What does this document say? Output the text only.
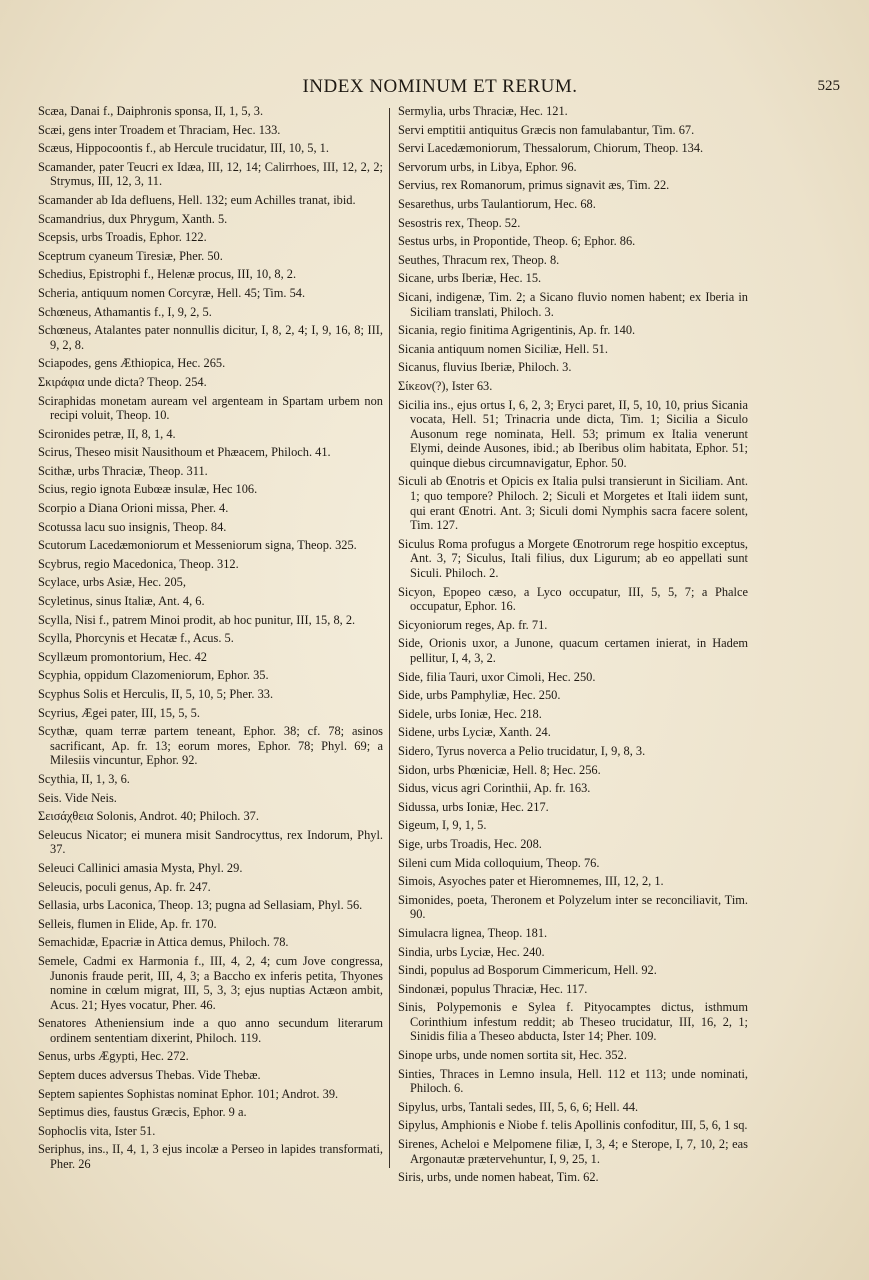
INDEX NOMINUM ET RERUM.	525

Scæa, Danai f., Daiphronis sponsa, II, 1, 5, 3.

Scæi, gens inter Troadem et Thraciam, Hec. 133.

Scæus, Hippocoontis f., ab Hercule trucidatur, III, 10, 5, 1.

Scamander, pater Teucri ex Idæa, III, 12, 14; Calirrhoes, III, 12, 2, 2; Strymus, III, 12, 3, 11.

Scamander ab Ida defluens, Hell. 132; eum Achilles tranat, ibid.

Scamandrius, dux Phrygum, Xanth. 5.

Scepsis, urbs Troadis, Ephor. 122.

Sceptrum cyaneum Tiresiæ, Pher. 50.

Schedius, Epistrophi f., Helenæ procus, III, 10, 8, 2.

Scheria, antiquum nomen Corcyræ, Hell. 45; Tim. 54.

Schœneus, Athamantis f., I, 9, 2, 5.

Schœneus, Atalantes pater nonnullis dicitur, I, 8, 2, 4; I, 9, 16, 8; III, 9, 2, 8.

Sciapodes, gens Æthiopica, Hec. 265.

Σκιράφια unde dicta? Theop. 254.

Sciraphidas monetam auream vel argenteam in Spartam urbem non recipi voluit, Theop. 10.

Scironides petræ, II, 8, 1, 4.

Scirus, Theseo misit Nausithoum et Phæacem, Philoch. 41.

Scithæ, urbs Thraciæ, Theop. 311.

Scius, regio ignota Eubœæ insulæ, Hec 106.

Scorpio a Diana Orioni missa, Pher. 4.

Scotussa lacu suo insignis, Theop. 84.

Scutorum Lacedæmoniorum et Messeniorum signa, Theop. 325.

Scybrus, regio Macedonica, Theop. 312.

Scylace, urbs Asiæ, Hec. 205,

Scyletinus, sinus Italiæ, Ant. 4, 6.

Scylla, Nisi f., patrem Minoi prodit, ab hoc punitur, III, 15, 8, 2.

Scylla, Phorcynis et Hecatæ f., Acus. 5.

Scyllæum promontorium, Hec. 42

Scyphia, oppidum Clazomeniorum, Ephor. 35.

Scyphus Solis et Herculis, II, 5, 10, 5; Pher. 33.

Scyrius, Ægei pater, III, 15, 5, 5.

Scythæ, quam terræ partem teneant, Ephor. 38; cf. 78; asinos sacrificant, Ap. fr. 13; eorum mores, Ephor. 78; Phyl. 69; a Milesiis vincuntur, Ephor. 92.

Scythia, II, 1, 3, 6.

Seis. Vide Neis.

Σεισάχθεια Solonis, Androt. 40; Philoch. 37.

Seleucus Nicator; ei munera misit Sandrocyttus, rex Indorum, Phyl. 37.

Seleuci Callinici amasia Mysta, Phyl. 29.

Seleucis, poculi genus, Ap. fr. 247.

Sellasia, urbs Laconica, Theop. 13; pugna ad Sellasiam, Phyl. 56.

Selleis, flumen in Elide, Ap. fr. 170.

Semachidæ, Epacriæ in Attica demus, Philoch. 78.

Semele, Cadmi ex Harmonia f., III, 4, 2, 4; cum Jove congressa, Junonis fraude perit, III, 4, 3; a Baccho ex inferis petita, Thyones nomine in cœlum migrat, III, 5, 3, 3; ejus nuptias Actæon ambit, Acus. 21; Hyes vocatur, Pher. 46.

Senatores Atheniensium inde a quo anno secundum literarum ordinem sententiam dixerint, Philoch. 119.

Senus, urbs Ægypti, Hec. 272.

Septem duces adversus Thebas. Vide Thebæ.

Septem sapientes Sophistas nominat Ephor. 101; Androt. 39.

Septimus dies, faustus Græcis, Ephor. 9 a.

Sophoclis vita, Ister 51.

Seriphus, ins., II, 4, 1, 3 ejus incolæ a Perseo in lapides transformati, Pher. 26

Sermylia, urbs Thraciæ, Hec. 121.

Servi emptitii antiquitus Græcis non famulabantur, Tim. 67.

Servi Lacedæmoniorum, Thessalorum, Chiorum, Theop. 134.

Servorum urbs, in Libya, Ephor. 96.

Servius, rex Romanorum, primus signavit æs, Tim. 22.

Sesarethus, urbs Taulantiorum, Hec. 68.

Sesostris rex, Theop. 52.

Sestus urbs, in Propontide, Theop. 6; Ephor. 86.

Seuthes, Thracum rex, Theop. 8.

Sicane, urbs Iberiæ, Hec. 15.

Sicani, indigenæ, Tim. 2; a Sicano fluvio nomen habent; ex Iberia in Siciliam translati, Philoch. 3.

Sicania, regio finitima Agrigentinis, Ap. fr. 140.

Sicania antiquum nomen Siciliæ, Hell. 51.

Sicanus, fluvius Iberiæ, Philoch. 3.

Σίκεον(?), Ister 63.

Sicilia ins., ejus ortus I, 6, 2, 3; Eryci paret, II, 5, 10, 10, prius Sicania vocata, Hell. 51; Trinacria unde dicta, Tim. 1; Sicilia a Siculo Ausonum rege nominata, Hell. 53; primum ex Italia venerunt Elymi, deinde Ausones, ibid.; ab Iberibus olim habitata, Ephor. 51; quinque diebus circumnavigatur, Ephor. 50.

Siculi ab Œnotris et Opicis ex Italia pulsi transierunt in Siciliam. Ant. 1; quo tempore? Philoch. 2; Siculi et Morgetes et Itali iidem sunt, qui erant Œnotri. Ant. 3; Siculi domi Nymphis sacra facere solent, Tim. 127.

Siculus Roma profugus a Morgete Œnotrorum rege hospitio exceptus, Ant. 3, 7; Siculus, Itali filius, dux Ligurum; ab eo appellati sunt Siculi. Philoch. 2.

Sicyon, Epopeo cæso, a Lyco occupatur, III, 5, 5, 7; a Phalce occupatur, Ephor. 16.

Sicyoniorum reges, Ap. fr. 71.

Side, Orionis uxor, a Junone, quacum certamen inierat, in Hadem pellitur, I, 4, 3, 2.

Side, filia Tauri, uxor Cimoli, Hec. 250.

Side, urbs Pamphyliæ, Hec. 250.

Sidele, urbs Ioniæ, Hec. 218.

Sidene, urbs Lyciæ, Xanth. 24.

Sidero, Tyrus noverca a Pelio trucidatur, I, 9, 8, 3.

Sidon, urbs Phœniciæ, Hell. 8; Hec. 256.

Sidus, vicus agri Corinthii, Ap. fr. 163.

Sidussa, urbs Ioniæ, Hec. 217.

Sigeum, I, 9, 1, 5.

Sige, urbs Troadis, Hec. 208.

Sileni cum Mida colloquium, Theop. 76.

Simois, Asyoches pater et Hieromnemes, III, 12, 2, 1.

Simonides, poeta, Theronem et Polyzelum inter se reconciliavit, Tim. 90.

Simulacra lignea, Theop. 181.

Sindia, urbs Lyciæ, Hec. 240.

Sindi, populus ad Bosporum Cimmericum, Hell. 92.

Sindonæi, populus Thraciæ, Hec. 117.

Sinis, Polypemonis e Sylea f. Pityocamptes dictus, isthmum Corinthium infestum reddit; ab Theseo trucidatur, III, 16, 2, 1; Sinidis filia a Theseo abducta, Ister 14; Pher. 109.

Sinope urbs, unde nomen sortita sit, Hec. 352.

Sinties, Thraces in Lemno insula, Hell. 112 et 113; unde nominati, Philoch. 6.

Sipylus, urbs, Tantali sedes, III, 5, 6, 6; Hell. 44.

Sipylus, Amphionis e Niobe f. telis Apollinis confoditur, III, 5, 6, 1 sq.

Sirenes, Acheloi e Melpomene filiæ, I, 3, 4; e Sterope, I, 7, 10, 2; eas Argonautæ prætervehuntur, I, 9, 25, 1.

Siris, urbs, unde nomen habeat, Tim. 62.
